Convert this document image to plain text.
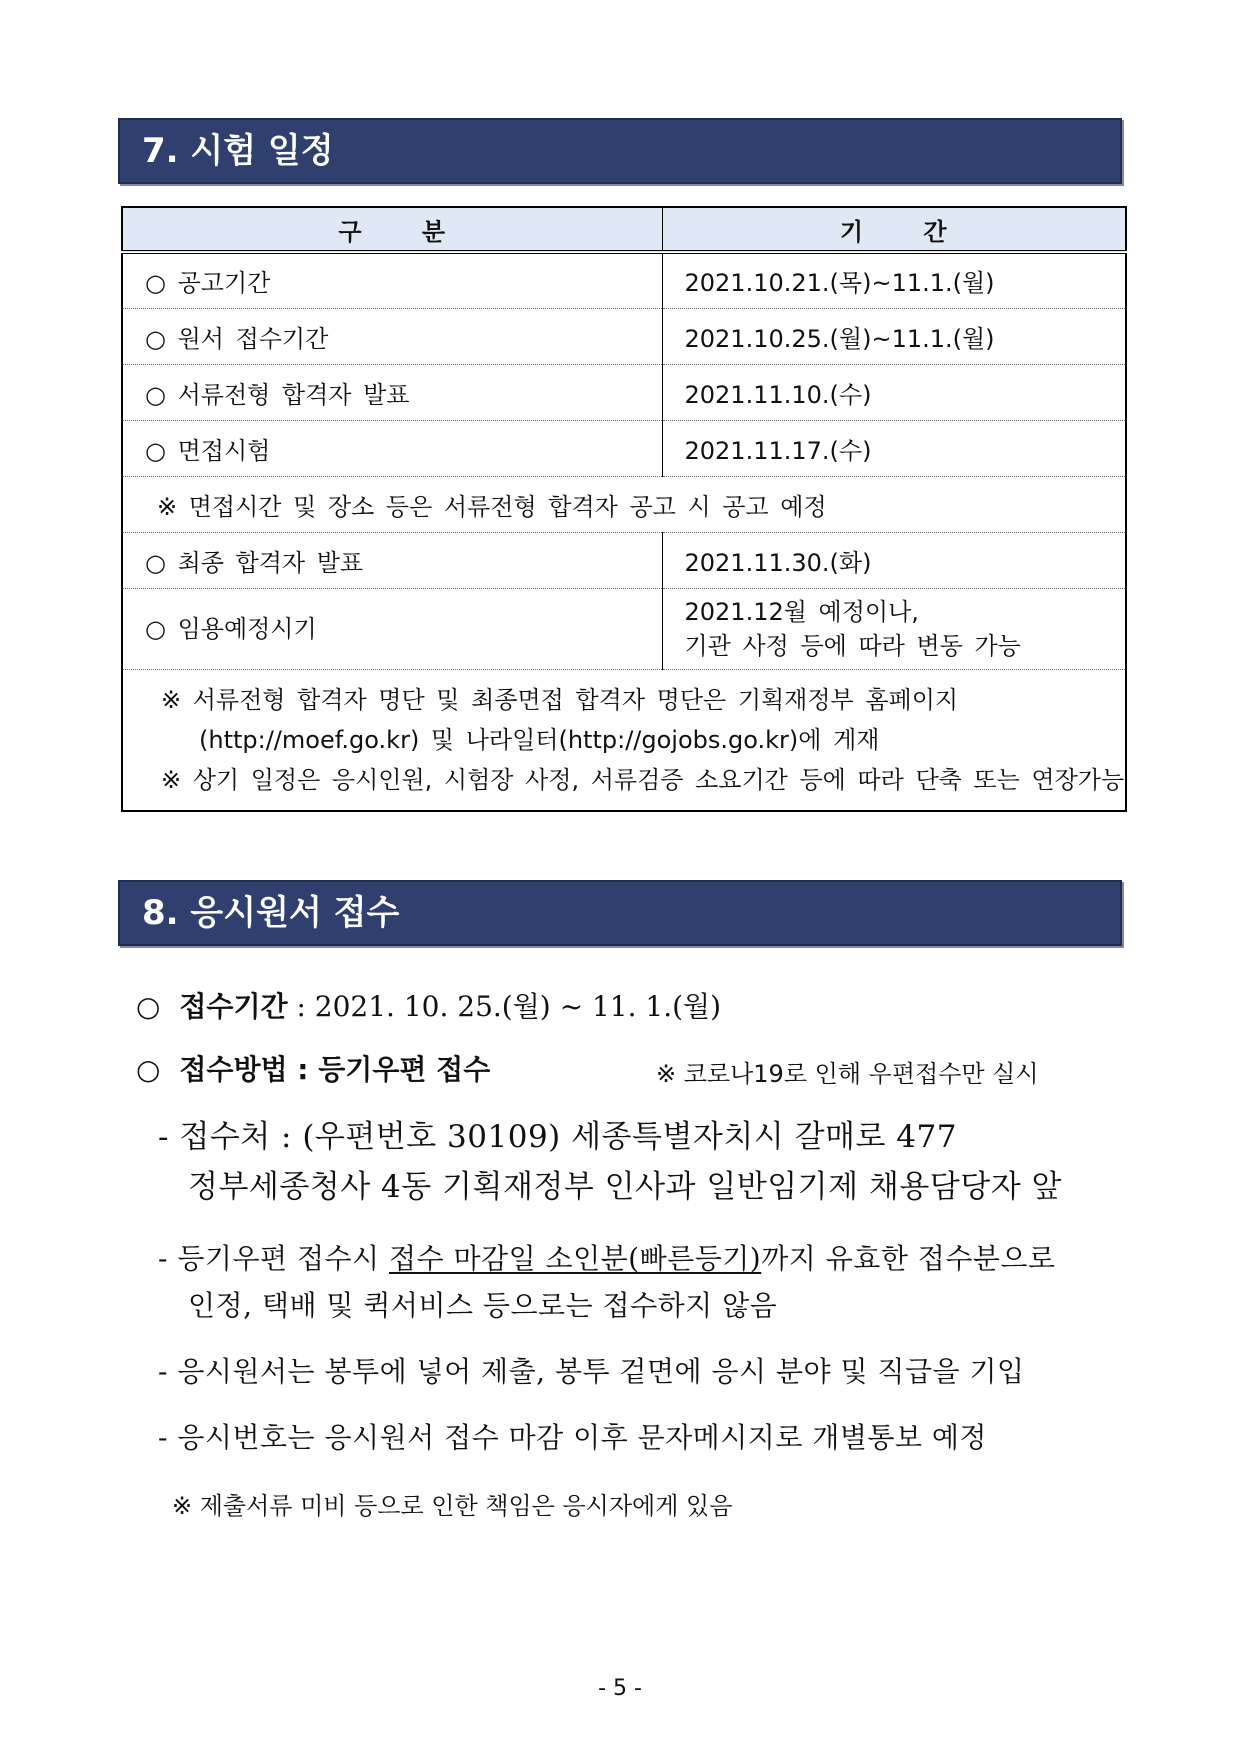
7. 시험 일정
구 분	기 간
○ 공고기간	2021.10.21.(목)~11.1.(월)
○ 원서 접수기간	2021.10.25.(월)~11.1.(월)
○ 서류전형 합격자 발표	2021.11.10.(수)
○ 면접시험	2021.11.17.(수)
※ 면접시간 및 장소 등은 서류전형 합격자 공고 시 공고 예정	
○ 최종 합격자 발표	2021.11.30.(화)
○ 임용예정시기	2021.12월 예정이나,
기관 사정 등에 따라 변동 가능

※ 서류전형 합격자 명단 및 최종면접 합격자 명단은 기획재정부 홈페이지
(http://moef.go.kr) 및 나라일터(http://gojobs.go.kr)에 게재
※ 상기 일정은 응시인원, 시험장 사정, 서류검증 소요기간 등에 따라 단축 또는 연장가능	
8. 응시원서 접수
○ 접수기간 : 2021. 10. 25.(월) ~ 11. 1.(월)
○ 접수방법 : 등기우편 접수	※ 코로나19로 인해 우편접수만 실시
- 접수처 : (우편번호 30109) 세종특별자치시 갈매로 477
정부세종청사 4동 기획재정부 인사과 일반임기제 채용담당자 앞
- 등기우편 접수시 접수 마감일 소인분(빠른등기)까지 유효한 접수분으로
인정, 택배 및 퀵서비스 등으로는 접수하지 않음
- 응시원서는 봉투에 넣어 제출, 봉투 겉면에 응시 분야 및 직급을 기입
- 응시번호는 응시원서 접수 마감 이후 문자메시지로 개별통보 예정
※ 제출서류 미비 등으로 인한 책임은 응시자에게 있음
- 5 -
